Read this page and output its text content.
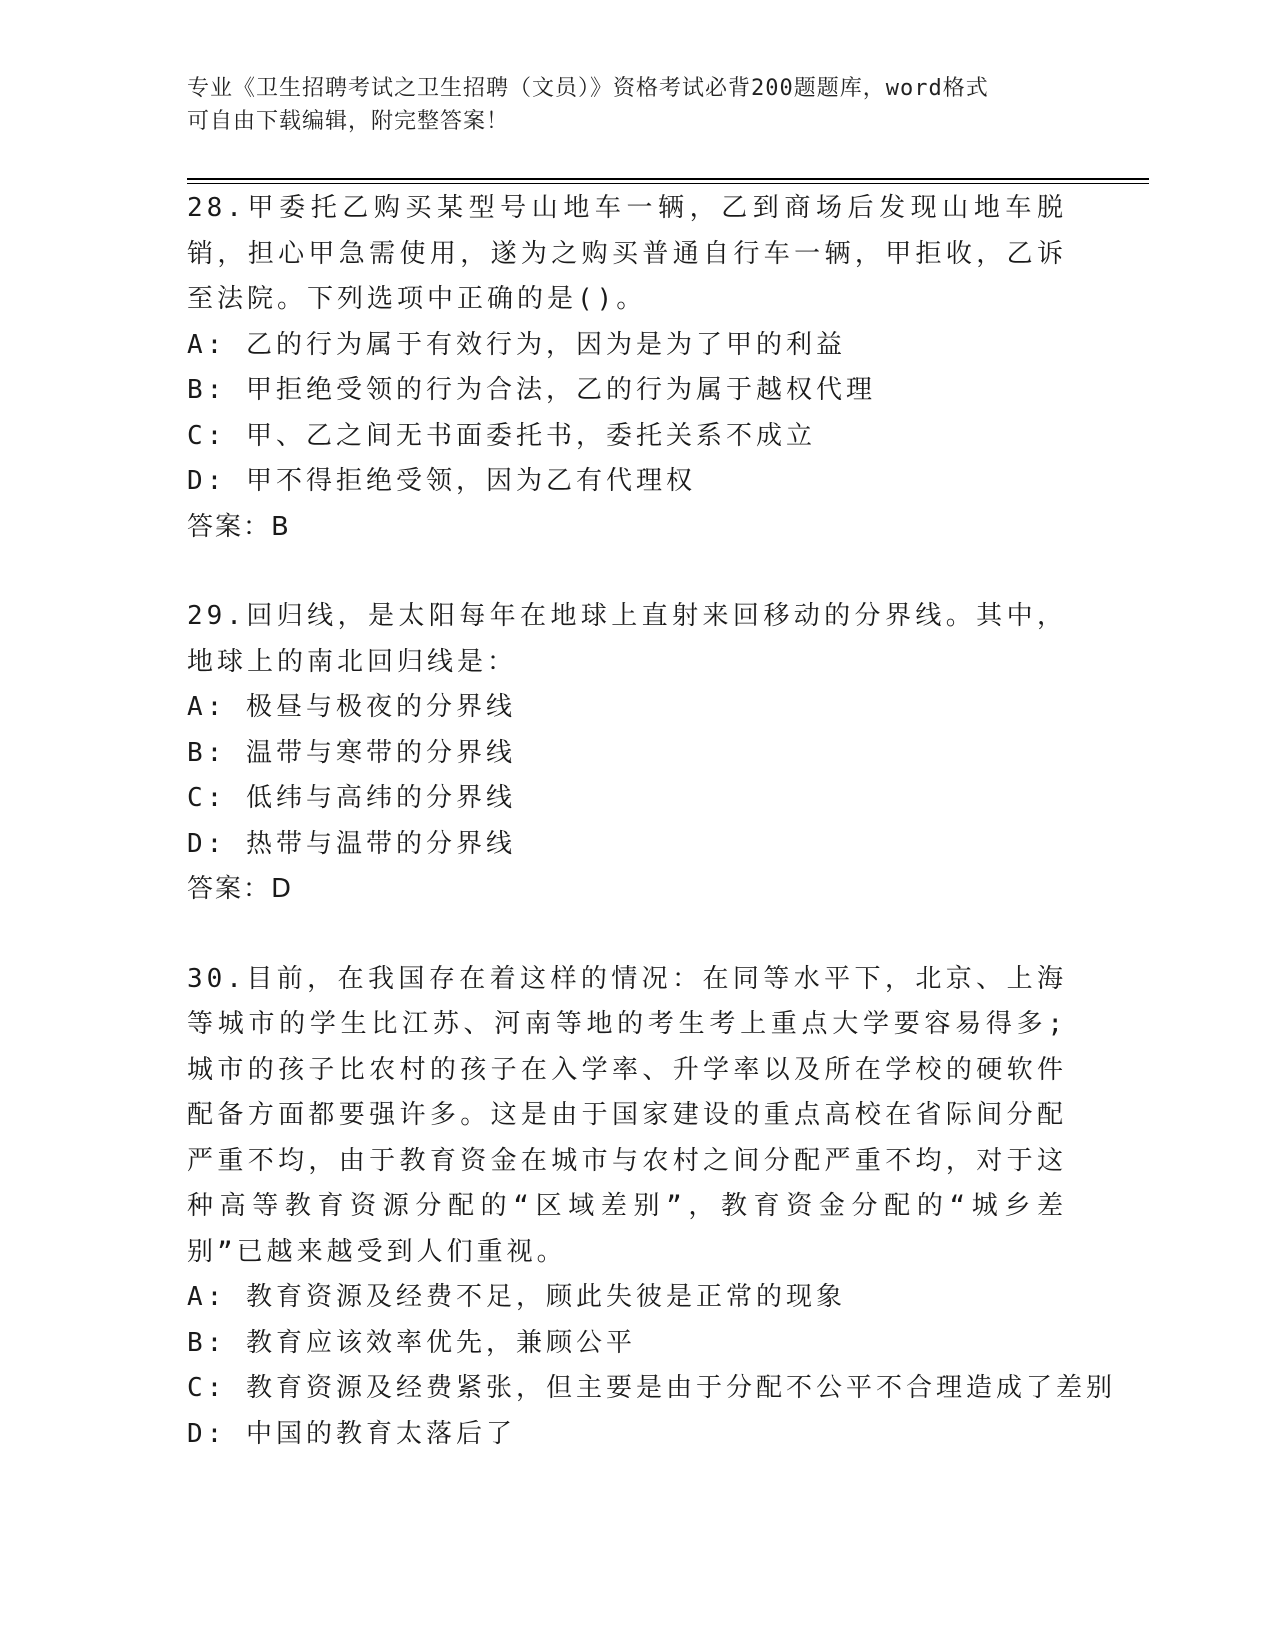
专业《卫生招聘考试之卫生招聘（文员）》资格考试必背200题题库，word格式
可自由下载编辑，附完整答案！

28.甲委托乙购买某型号山地车一辆，乙到商场后发现山地车脱销，担心甲急需使用，遂为之购买普通自行车一辆，甲拒收，乙诉至法院。下列选项中正确的是()。

A: 乙的行为属于有效行为，因为是为了甲的利益

B: 甲拒绝受领的行为合法，乙的行为属于越权代理

C: 甲、乙之间无书面委托书，委托关系不成立

D: 甲不得拒绝受领，因为乙有代理权

答案：B

29.回归线，是太阳每年在地球上直射来回移动的分界线。其中，地球上的南北回归线是：

A: 极昼与极夜的分界线

B: 温带与寒带的分界线

C: 低纬与高纬的分界线

D: 热带与温带的分界线

答案：D

30.目前，在我国存在着这样的情况：在同等水平下，北京、上海等城市的学生比江苏、河南等地的考生考上重点大学要容易得多;城市的孩子比农村的孩子在入学率、升学率以及所在学校的硬软件配备方面都要强许多。这是由于国家建设的重点高校在省际间分配严重不均，由于教育资金在城市与农村之间分配严重不均，对于这种高等教育资源分配的“区域差别”，教育资金分配的“城乡差别”已越来越受到人们重视。

A: 教育资源及经费不足，顾此失彼是正常的现象

B: 教育应该效率优先，兼顾公平

C: 教育资源及经费紧张，但主要是由于分配不公平不合理造成了差别

D: 中国的教育太落后了
